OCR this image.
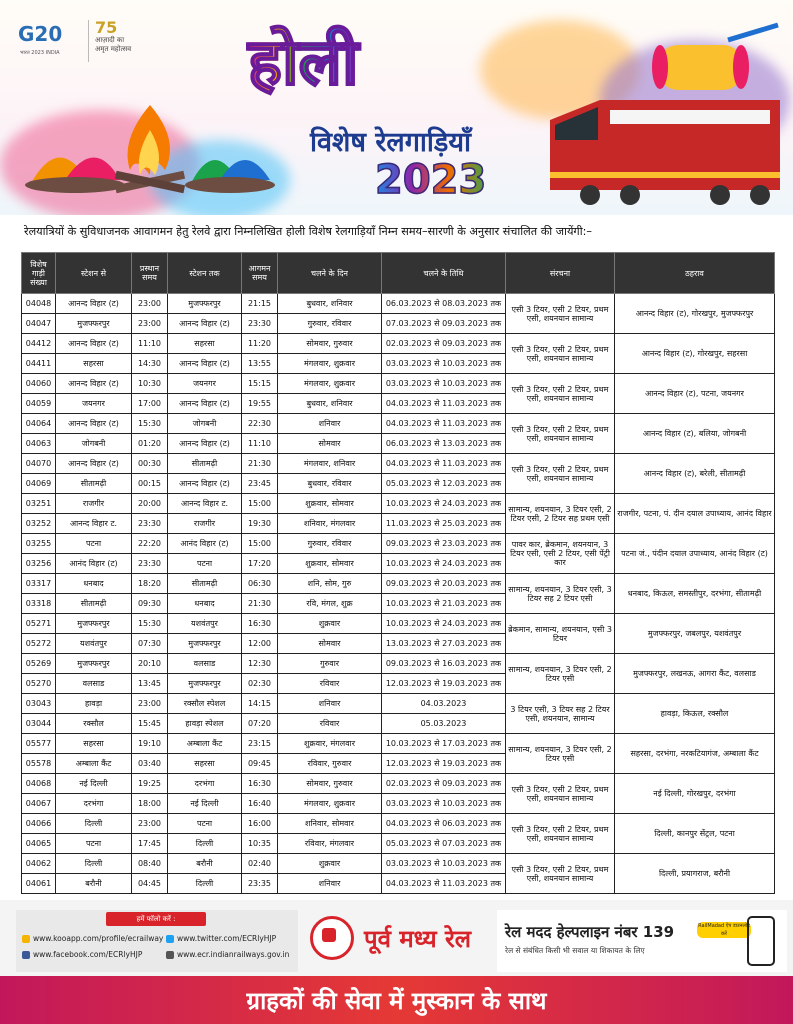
G20
भारत 2023 INDIA
75
आज़ादी का
अमृत महोत्सव	होली
विशेष रेलगाड़ियाँ
2023
रेलयात्रियों के सुविधाजनक आवागमन हेतु रेलवे द्वारा निम्नलिखित होली विशेष रेलगाड़ियाँ निम्न समय–सारणी के अनुसार संचालित की जायेंगी:–
विशेष गाड़ी संख्या	स्टेशन से	प्रस्थान समय	स्टेशन तक	आगमन समय	चलने के दिन	चलने के तिथि	संरचना	ठहराव
04048	आनन्द विहार (ट)	23:00	मुजफ्फरपुर	21:15	बुधवार, शनिवार	06.03.2023 से 08.03.2023 तक	एसी 3 टियर, एसी 2 टियर, प्रथम एसी, शयनयान सामान्य	आनन्द विहार (ट), गोरखपुर, मुजफ्फरपुर
04047	मुजफ्फरपुर	23:00	आनन्द विहार (ट)	23:30	गुरुवार, रविवार	07.03.2023 से 09.03.2023 तक		
04412	आनन्द विहार (ट)	11:10	सहरसा	11:20	सोमवार, गुरुवार	02.03.2023 से 09.03.2023 तक	एसी 3 टियर, एसी 2 टियर, प्रथम एसी, शयनयान सामान्य	आनन्द विहार (ट), गोरखपुर, सहरसा
04411	सहरसा	14:30	आनन्द विहार (ट)	13:55	मंगलवार, शुक्रवार	03.03.2023 से 10.03.2023 तक		
04060	आनन्द विहार (ट)	10:30	जयनगर	15:15	मंगलवार, शुक्रवार	03.03.2023 से 10.03.2023 तक	एसी 3 टियर, एसी 2 टियर, प्रथम एसी, शयनयान सामान्य	आनन्द विहार (ट), पटना, जयनगर
04059	जयनगर	17:00	आनन्द विहार (ट)	19:55	बुधवार, शनिवार	04.03.2023 से 11.03.2023 तक		
04064	आनन्द विहार (ट)	15:30	जोगबनी	22:30	शनिवार	04.03.2023 से 11.03.2023 तक	एसी 3 टियर, एसी 2 टियर, प्रथम एसी, शयनयान सामान्य	आनन्द विहार (ट), बलिया, जोगबनी
04063	जोगबनी	01:20	आनन्द विहार (ट)	11:10	सोमवार	06.03.2023 से 13.03.2023 तक		
04070	आनन्द विहार (ट)	00:30	सीतामढ़ी	21:30	मंगलवार, शनिवार	04.03.2023 से 11.03.2023 तक	एसी 3 टियर, एसी 2 टियर, प्रथम एसी, शयनयान सामान्य	आनन्द विहार (ट), बरेली, सीतामढ़ी
04069	सीतामढ़ी	00:15	आनन्द विहार (ट)	23:45	बुधवार, रविवार	05.03.2023 से 12.03.2023 तक		
03251	राजगीर	20:00	आनन्द विहार ट.	15:00	शुक्रवार, सोमवार	10.03.2023 से 24.03.2023 तक	सामान्य, शयनयान, 3 टियर एसी, 2 टियर एसी, 2 टियर सह प्रथम एसी	राजगीर, पटना, पं. दीन दयाल उपाध्याय, आनंद विहार
03252	आनन्द विहार ट.	23:30	राजगीर	19:30	शनिवार, मंगलवार	11.03.2023 से 25.03.2023 तक		
03255	पटना	22:20	आनंद विहार (ट)	15:00	गुरुवार, रविवार	09.03.2023 से 23.03.2023 तक	पावर कार, ब्रेकमान, शयनयान, 3 टियर एसी, एसी 2 टियर, एसी पेंट्री कार	पटना जं., पंदीन दयाल उपाध्याय, आनंद विहार (ट)
03256	आनंद विहार (ट)	23:30	पटना	17:20	शुक्रवार, सोमवार	10.03.2023 से 24.03.2023 तक		
03317	धनबाद	18:20	सीतामढ़ी	06:30	शनि, सोम, गुरु	09.03.2023 से 20.03.2023 तक	सामान्य, शयनयान, 3 टियर एसी, 3 टियर सह 2 टियर एसी	धनबाद, किऊल, समस्तीपुर, दरभंगा, सीतामढ़ी
03318	सीतामढ़ी	09:30	धनबाद	21:30	रवि, मंगल, शुक्र	10.03.2023 से 21.03.2023 तक		
05271	मुजफ्फरपुर	15:30	यशवंतपुर	16:30	शुक्रवार	10.03.2023 से 24.03.2023 तक	ब्रेकमान, सामान्य, शयनयान, एसी 3 टियर	मुजफ्फरपुर, जबलपुर, यशवंतपुर
05272	यशवंतपुर	07:30	मुजफ्फरपुर	12:00	सोमवार	13.03.2023 से 27.03.2023 तक		
05269	मुजफ्फरपुर	20:10	वलसाड	12:30	गुरुवार	09.03.2023 से 16.03.2023 तक	सामान्य, शयनयान, 3 टियर एसी, 2 टियर एसी	मुजफ्फरपुर, लखनऊ, आगरा कैंट, वलसाड
05270	वलसाड	13:45	मुजफ्फरपुर	02:30	रविवार	12.03.2023 से 19.03.2023 तक		
03043	हावड़ा	23:00	रक्सौल स्पेशल	14:15	शनिवार	04.03.2023	3 टियर एसी, 3 टियर सह 2 टियर एसी, शयनयान, सामान्य	हावड़ा, किऊल, रक्सौल
03044	रक्सौल	15:45	हावड़ा स्पेशल	07:20	रविवार	05.03.2023		
05577	सहरसा	19:10	अम्बाला कैंट	23:15	शुक्रवार, मंगलवार	10.03.2023 से 17.03.2023 तक	सामान्य, शयनयान, 3 टियर एसी, 2 टियर एसी	सहरसा, दरभंगा, नरकटियागंज, अम्बाला कैंट
05578	अम्बाला कैंट	03:40	सहरसा	09:45	रविवार, गुरुवार	12.03.2023 से 19.03.2023 तक		
04068	नई दिल्ली	19:25	दरभंगा	16:30	सोमवार, गुरुवार	02.03.2023 से 09.03.2023 तक	एसी 3 टियर, एसी 2 टियर, प्रथम एसी, शयनयान सामान्य	नई दिल्ली, गोरखपुर, दरभंगा
04067	दरभंगा	18:00	नई दिल्ली	16:40	मंगलवार, शुक्रवार	03.03.2023 से 10.03.2023 तक		
04066	दिल्ली	23:00	पटना	16:00	शनिवार, सोमवार	04.03.2023 से 06.03.2023 तक	एसी 3 टियर, एसी 2 टियर, प्रथम एसी, शयनयान सामान्य	दिल्ली, कानपुर सेंट्रल, पटना
04065	पटना	17:45	दिल्ली	10:35	रविवार, मंगलवार	05.03.2023 से 07.03.2023 तक		
04062	दिल्ली	08:40	बरौनी	02:40	शुक्रवार	03.03.2023 से 10.03.2023 तक	एसी 3 टियर, एसी 2 टियर, प्रथम एसी, शयनयान सामान्य	दिल्ली, प्रयागराज, बरौनी
04061	बरौनी	04:45	दिल्ली	23:35	शनिवार	04.03.2023 से 11.03.2023 तक		
हमें फॉलो करें :
www.kooapp.com/profile/ecrailway www.twitter.com/ECRlyHJP
www.facebook.com/ECRlyHJP	www.ecr.indianrailways.gov.in
पूर्व मध्य रेल रेल मदद हेल्पलाइन नंबर 139
रेल से संबंधित किसी भी सवाल या शिकायत के लिए
RailMadad ऐप डाउनलोड करें
ग्राहकों की सेवा में मुस्कान के साथ
